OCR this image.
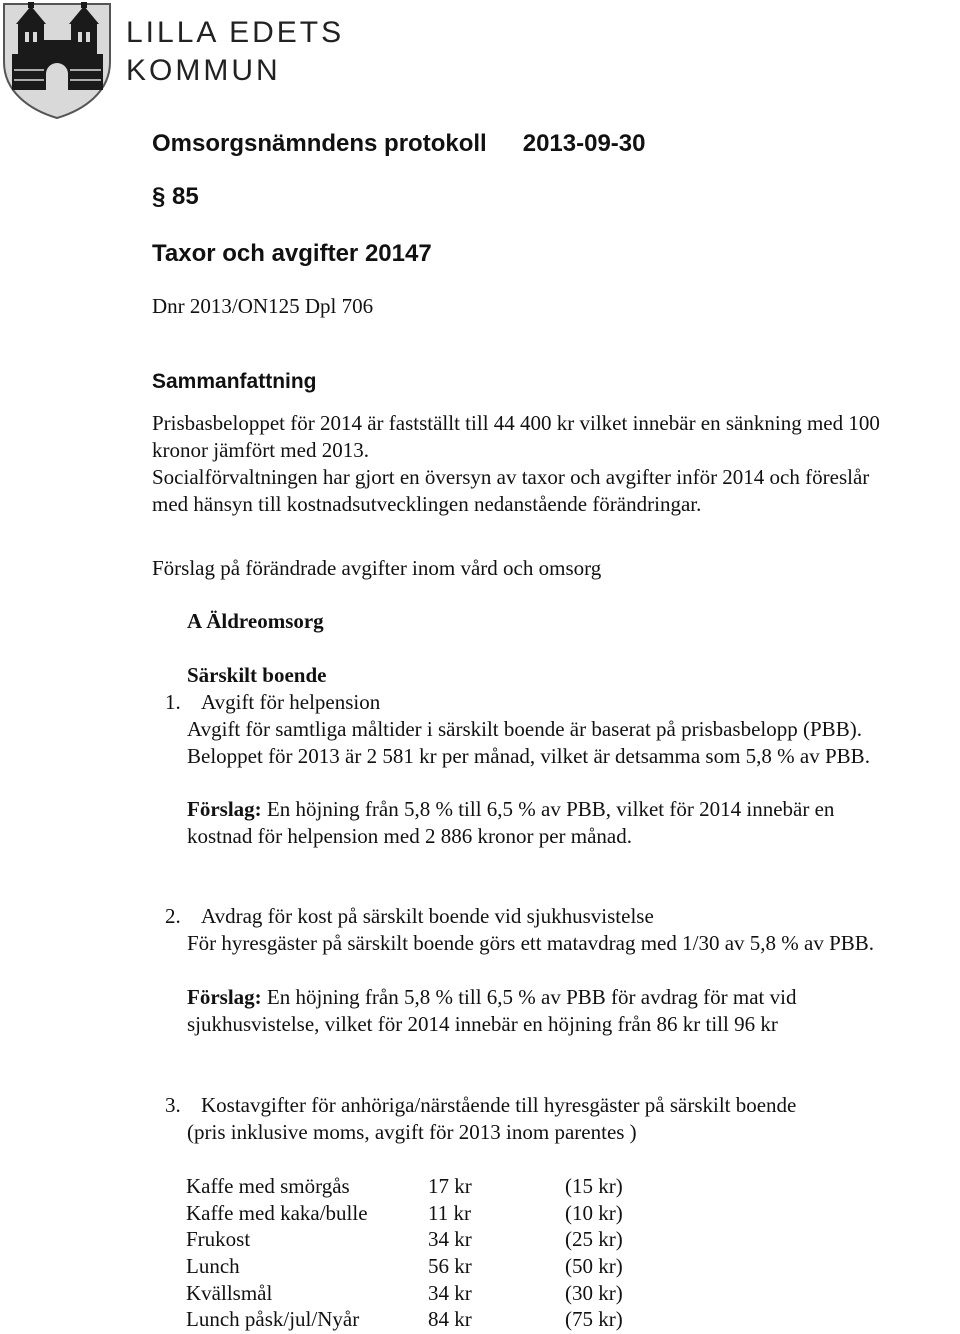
LILLA EDETS
KOMMUN
Omsorgsnämndens protokoll 2013-09-30
§ 85
Taxor och avgifter 20147
Dnr 2013/ON125 Dpl 706
Sammanfattning
Prisbasbeloppet för 2014 är fastställt till 44 400 kr vilket innebär en sänkning med 100
kronor jämfört med 2013.
Socialförvaltningen har gjort en översyn av taxor och avgifter inför 2014 och föreslår
med hänsyn till kostnadsutvecklingen nedanstående förändringar.
Förslag på förändrade avgifter inom vård och omsorg
A Äldreomsorg
Särskilt boende
1. Avgift för helpension
Avgift för samtliga måltider i särskilt boende är baserat på prisbasbelopp (PBB).
Beloppet för 2013 är 2 581 kr per månad, vilket är detsamma som 5,8 % av PBB.
Förslag: En höjning från 5,8 % till 6,5 % av PBB, vilket för 2014 innebär en
kostnad för helpension med 2 886 kronor per månad.
2. Avdrag för kost på särskilt boende vid sjukhusvistelse
För hyresgäster på särskilt boende görs ett matavdrag med 1/30 av 5,8 % av PBB.
Förslag: En höjning från 5,8 % till 6,5 % av PBB för avdrag för mat vid
sjukhusvistelse, vilket för 2014 innebär en höjning från 86 kr till 96 kr
3. Kostavgifter för anhöriga/närstående till hyresgäster på särskilt boende
(pris inklusive moms, avgift för 2013 inom parentes )
Kaffe med smörgås	17 kr	(15 kr)
Kaffe med kaka/bulle	11 kr	(10 kr)
Frukost	34 kr	(25 kr)
Lunch	56 kr	(50 kr)
Kvällsmål	34 kr	(30 kr)
Lunch påsk/jul/Nyår	84 kr	(75 kr)
